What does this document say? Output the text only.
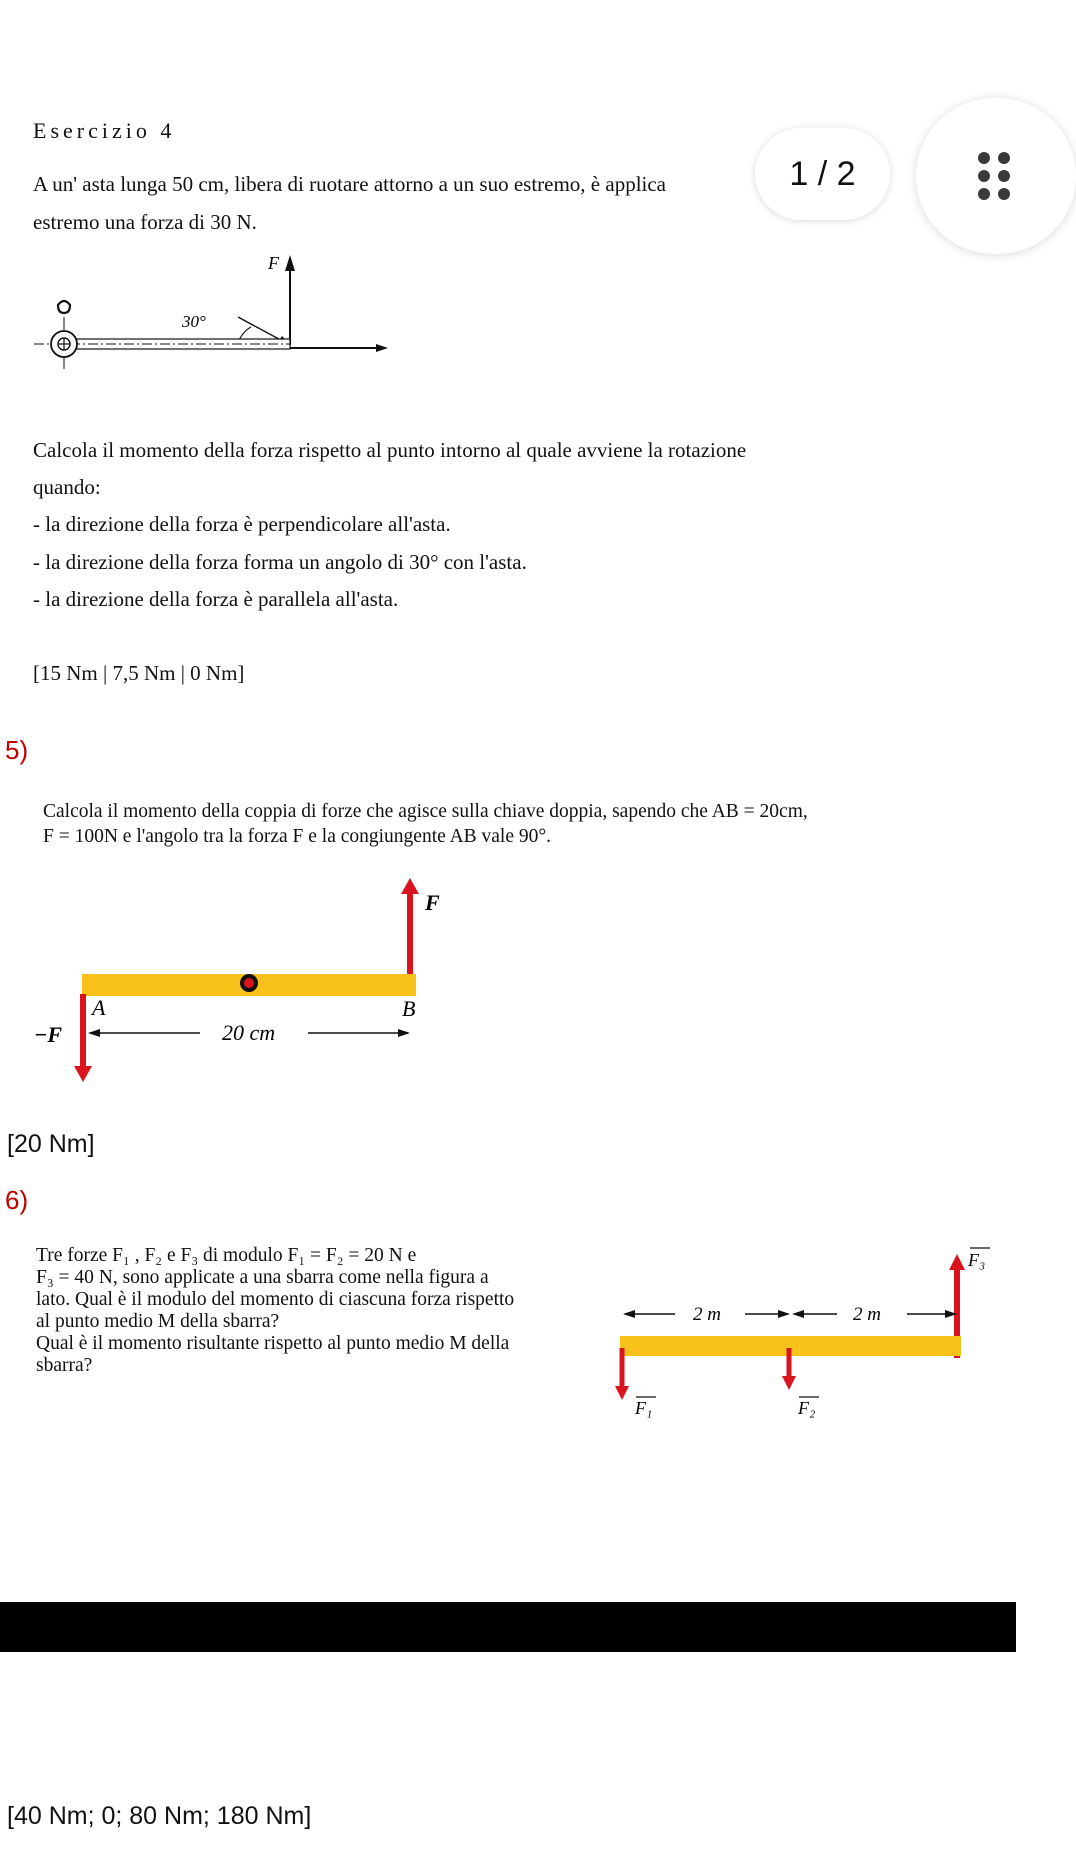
Esercizio 4

A un' asta lunga 50 cm, libera di ruotare attorno a un suo estremo, è applica

estremo una forza di 30 N.

1 / 2
F
30°

Calcola il momento della forza rispetto al punto intorno al quale avviene la rotazione

quando:

- la direzione della forza è perpendicolare all'asta.

- la direzione della forza forma un angolo di 30° con l'asta.

- la direzione della forza è parallela all'asta.

[15 Nm | 7,5 Nm | 0 Nm]

5)

Calcola il momento della coppia di forze che agisce sulla chiave doppia, sapendo che AB = 20cm,

F = 100N e l'angolo tra la forza F e la congiungente AB vale 90°.

F⃗
−F⃗
A	B
20 cm
[20 Nm]
6)
Tre forze F₁ , F₂ e F₃ di modulo F₁ = F₂ = 20 N e
F₃ = 40 N, sono applicate a una sbarra come nella figura a
lato. Qual è il modulo del momento di ciascuna forza rispetto
al punto medio M della sbarra?
Qual è il momento risultante rispetto al punto medio M della
sbarra?
F₃
2 m	2 m
F₁	F₂
[40 Nm; 0; 80 Nm; 180 Nm]
